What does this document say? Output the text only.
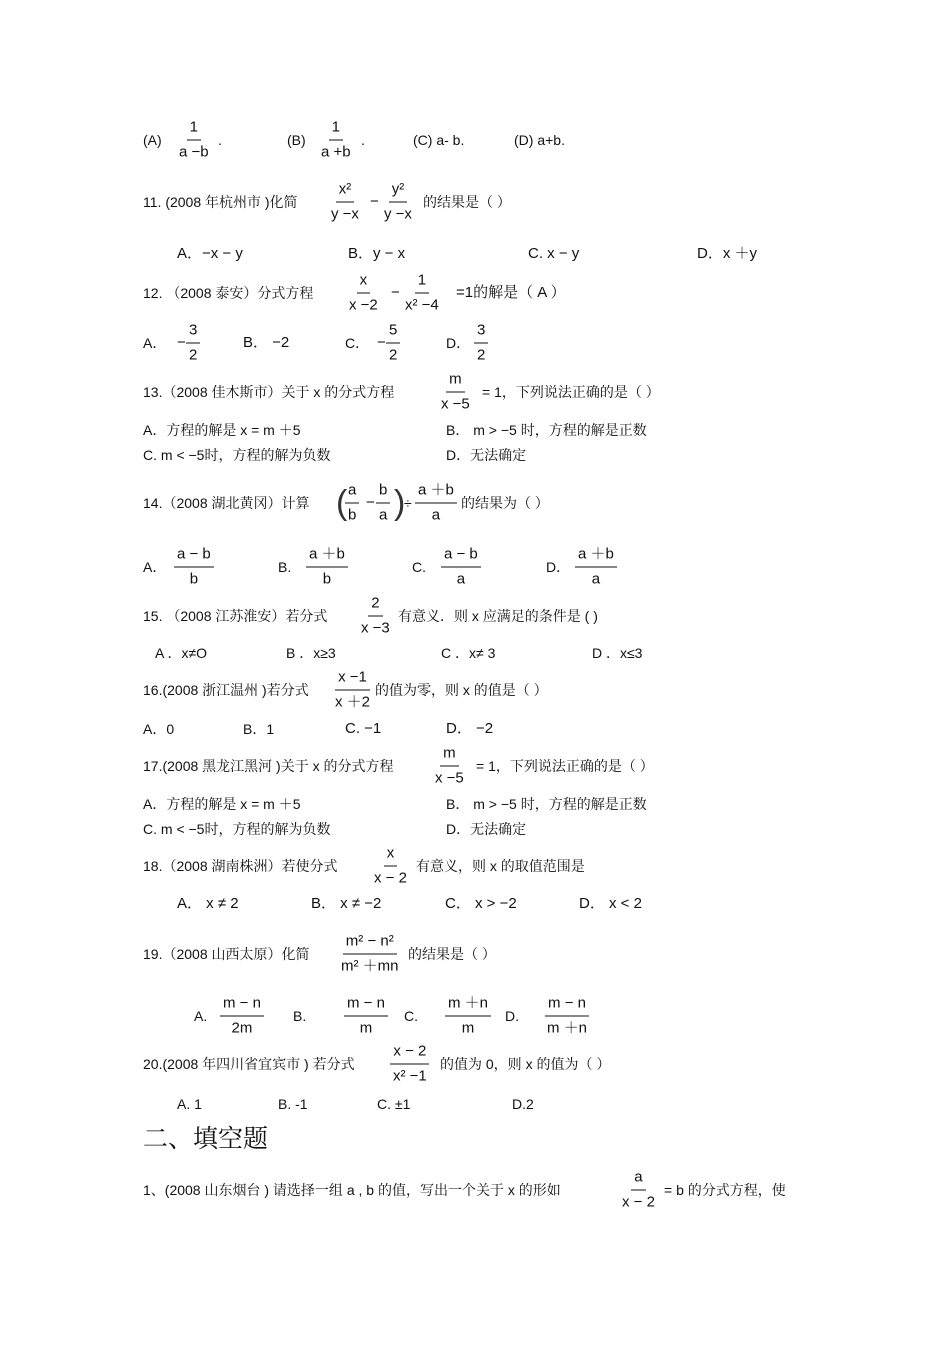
$(A) \frac{1}{a -b}$ .	$(B) \frac{1}{a +b}$ .	(C) a- b.	(D) a+b.
11. (2008 年杭州市 )化简 $\frac{\text{x²}}{y -x} - \frac{\text{y²}}{y -x}$ 的结果是（ ）
A．−x − y	B．y − x	C. x − y	D．x ＋y
12. （2008 泰安）分式方程 $\frac{x}{x -2} - \frac{1}{\text{x² −4}} =1$的解是（ A ）
A． − $\frac{3}{2}$	B． −2	C． − $\frac{5}{2}$	D． $\frac{3}{2}$
13.（2008 佳木斯市）关于 x 的分式方程	$\frac{m}{x -5} = 1$，下列说法正确的是（ ）
A．方程的解是 x = m ＋5	B． m > −5 时，方程的解是正数
C. m < −5时，方程的解为负数	D．无法确定
14.（2008 湖北黄冈）计算 (
$\frac{a}{b} - \frac{b}{a}$ )
÷ $\frac{a +b}{a}$ 的结果为（ ）
A． $\frac{a - b}{b}$	B. $\frac{a +b}{b}$	C. $\frac{a - b}{a}$	D． $\frac{a +b}{a}$
15. （2008 江苏淮安）若分式 $\frac{2}{x -3}$ 有意义．则 x 应满足的条件是 ( )
A ．x≠O	B ．x≥3	C ．x≠ 3	D ．x≤3
16.(2008 浙江温州 )若分式 $\frac{x -1}{x +2}$ 的值为零，则 x 的值是（ ）
A．0	B．1	C. −1	D． −2
17.(2008 黑龙江黑河 )关于 x 的分式方程	$\frac{m}{x -5} = 1$，下列说法正确的是（ ）
A．方程的解是 x = m ＋5	B． m > −5 时，方程的解是正数
C. m < −5时，方程的解为负数	D．无法确定
18.（2008 湖南株洲）若使分式 $\frac{x}{x - 2}$ 有意义，则 x 的取值范围是
A． x ≠ 2	B． x ≠ −2	C． x > −2	D． x < 2
19.（2008 山西太原）化简 $\frac{\text{m² − n²}}{\text{m² ＋mn}}$ 的结果是（ ）
A. $\frac{m - n}{2m} B$.	$\frac{m - n}{m} C$. $\frac{m +n}{m} D$. $\frac{m - n}{m +n}$
20.(2008 年四川省宜宾市 ) 若分式 $\frac{x - 2}{\text{x² −1}}$ 的值为 0，则 x 的值为（ ）
A. 1	B. -1	C. ±1	D.2
二、填空题
1、(2008 山东烟台 ) 请选择一组 a , b 的值，写出一个关于 x 的形如	$\frac{a}{x - 2} = b$ 的分式方程，使
